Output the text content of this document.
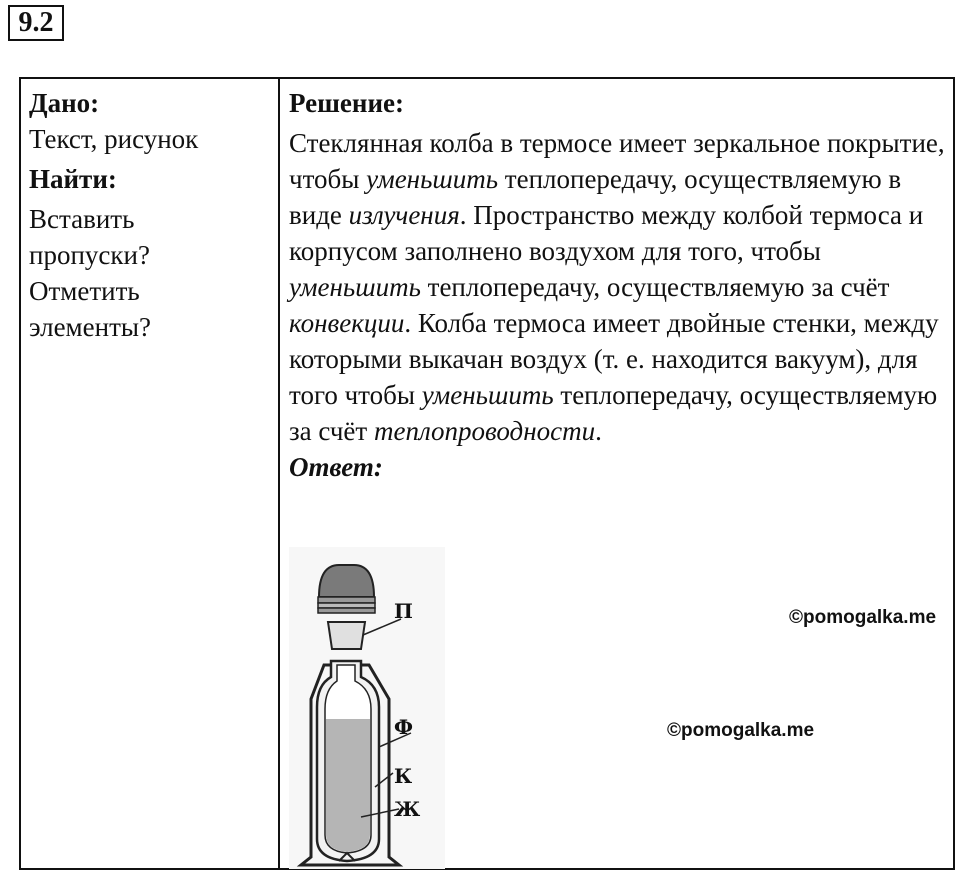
9.2
Дано:
Текст, рисунок
Найти:
Вставить
пропуски?
Отметить
элементы?
Решение:

Стеклянная колба в термосе имеет зеркальное покрытие, чтобы уменьшить теплопередачу, осуществляемую в виде излучения. Пространство между колбой термоса и корпусом заполнено воздухом для того, чтобы уменьшить теплопередачу, осуществляемую за счёт конвекции. Колба термоса имеет двойные стенки, между которыми выкачан воздух (т. е. находится вакуум), для того чтобы уменьшить теплопередачу, осуществляемую за счёт теплопроводности.

Ответ:
П
Ф
К
Ж
©pomogalka.me
©pomogalka.me
